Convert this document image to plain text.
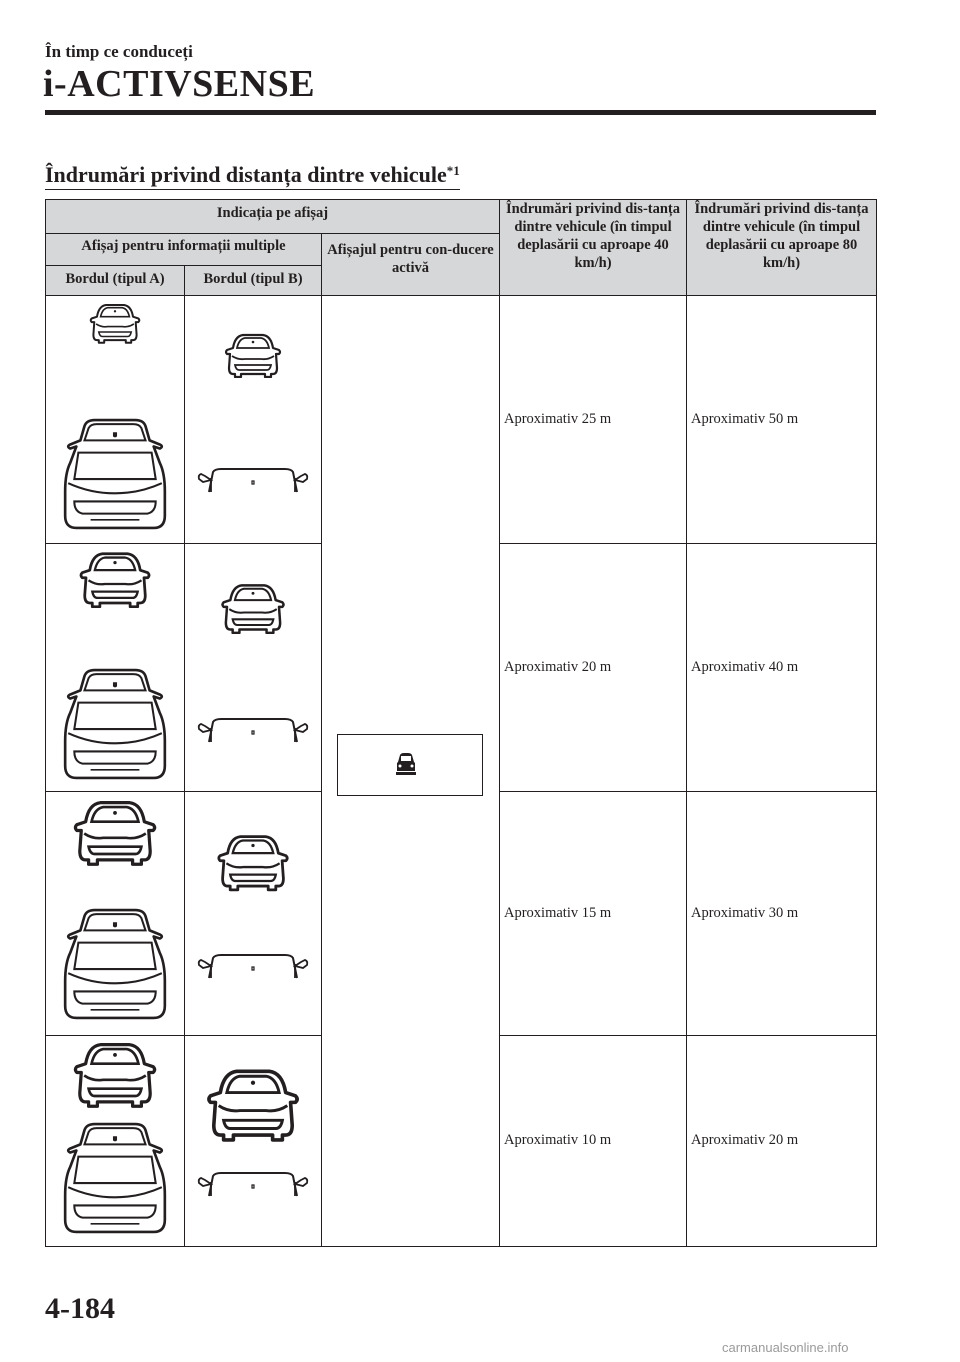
În timp ce conduceți
i-ACTIVSENSE
Îndrumări privind distanța dintre vehicule$^{*1}$
Indicația pe afișaj			Îndrumări privind dis-tanța dintre vehicule (în timpul deplasării cu aproape 40 km/h)	Îndrumări privind dis-tanța dintre vehicule (în timpul deplasării cu aproape 80 km/h)
Afișaj pentru informații multiple		Afișajul pentru con-ducere activă		
Bordul (tipul A)	Bordul (tipul B)			

	Aproximativ 25 m	Aproximativ 50 m

	Aproximativ 20 m	Aproximativ 40 m

	Aproximativ 15 m	Aproximativ 30 m

	Aproximativ 10 m	Aproximativ 20 m
4-184
carmanualsonline.info
